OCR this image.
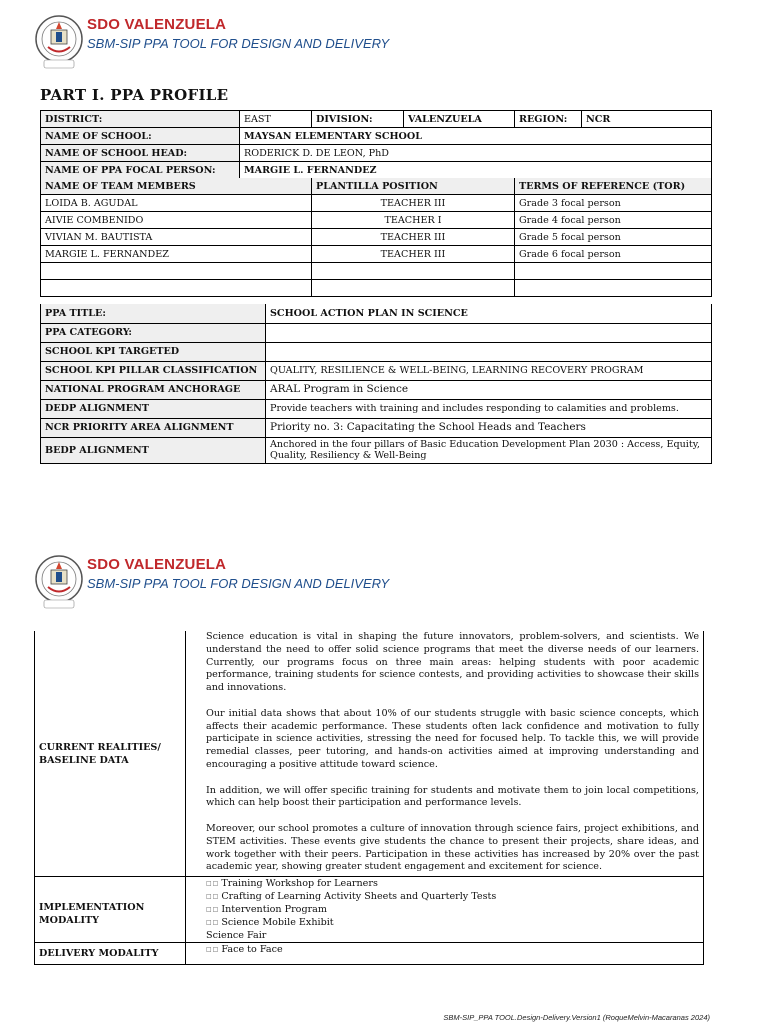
SDO VALENZUELA
SBM-SIP PPA TOOL FOR DESIGN AND DELIVERY
PART I. PPA PROFILE
DISTRICT:	EAST	DIVISION:	VALENZUELA	REGION:	NCR
NAME OF SCHOOL:	MAYSAN ELEMENTARY SCHOOL				
NAME OF SCHOOL HEAD:	RODERICK D. DE LEON, PhD				
NAME OF PPA FOCAL PERSON:	MARGIE L. FERNANDEZ				
NAME OF TEAM MEMBERS	PLANTILLA POSITION	TERMS OF REFERENCE (TOR)
LOIDA B. AGUDAL	TEACHER III	Grade 3 focal person
AIVIE COMBENIDO	TEACHER I	Grade 4 focal person
VIVIAN M. BAUTISTA	TEACHER III	Grade 5 focal person
MARGIE L. FERNANDEZ	TEACHER III	Grade 6 focal person

PPA TITLE:	SCHOOL ACTION PLAN IN SCIENCE
PPA CATEGORY:	
SCHOOL KPI TARGETED	
SCHOOL KPI PILLAR CLASSIFICATION	QUALITY, RESILIENCE & WELL-BEING, LEARNING RECOVERY PROGRAM
NATIONAL PROGRAM ANCHORAGE	ARAL Program in Science
DEDP ALIGNMENT	Provide teachers with training and includes responding to calamities and problems.
NCR PRIORITY AREA ALIGNMENT	Priority no. 3: Capacitating the School Heads and Teachers
BEDP ALIGNMENT	Anchored in the four pillars of Basic Education Development Plan 2030 : Access, Equity, Quality, Resiliency & Well-Being
SDO VALENZUELA
SBM-SIP PPA TOOL FOR DESIGN AND DELIVERY
CURRENT REALITIES/ BASELINE DATA	Science education is vital in shaping the future innovators, problem-solvers, and scientists. We understand the need to offer solid science programs that meet the diverse needs of our learners. Currently, our programs focus on three main areas: helping students with poor academic performance, training students for science contests, and providing activities to showcase their skills and innovations.

Our initial data shows that about 10% of our students struggle with basic science concepts, which affects their academic performance. These students often lack confidence and motivation to fully participate in science activities, stressing the need for focused help. To tackle this, we will provide remedial classes, peer tutoring, and hands-on activities aimed at improving understanding and encouraging a positive attitude toward science.

In addition, we will offer specific training for students and motivate them to join local competitions, which can help boost their participation and performance levels.

Moreover, our school promotes a culture of innovation through science fairs, project exhibitions, and STEM activities. These events give students the chance to present their projects, share ideas, and work together with their peers. Participation in these activities has increased by 20% over the past academic year, showing greater student engagement and excitement for science.

IMPLEMENTATION MODALITY	□□ Training Workshop for Learners
□□ Crafting of Learning Activity Sheets and Quarterly Tests
□□ Intervention Program
□□ Science Mobile Exhibit
Science Fair

DELIVERY MODALITY	□□ Face to Face
SBM-SIP_PPA TOOL.Design-Delivery.Version1 (RoqueMelvin-Macaranas 2024)
